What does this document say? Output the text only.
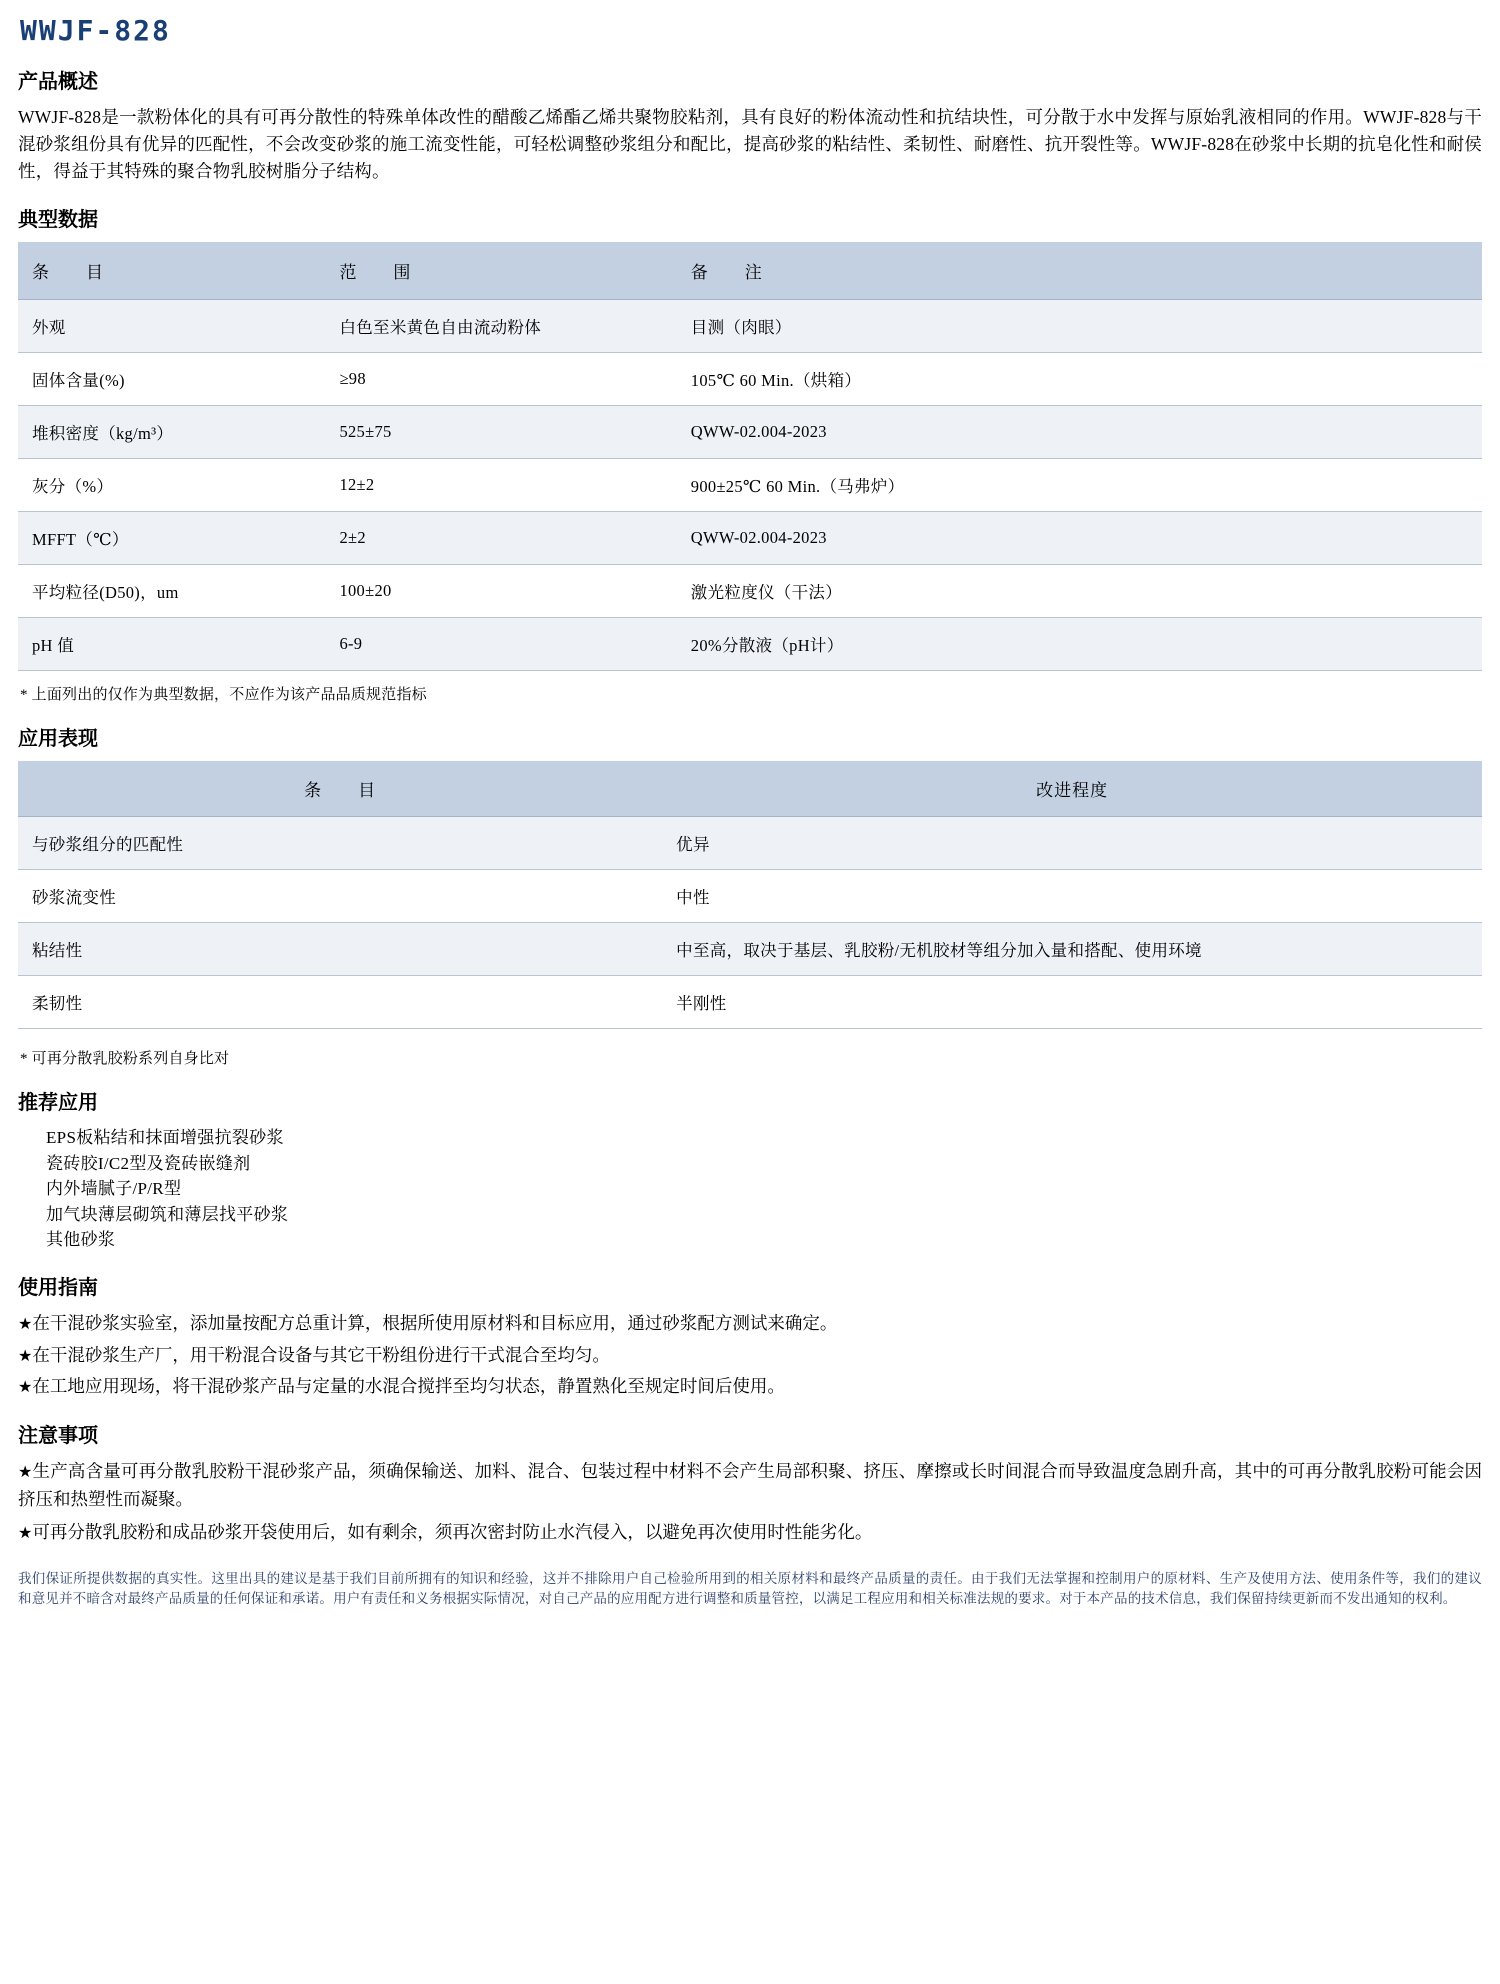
WWJF-828
产品概述
WWJF-828是一款粉体化的具有可再分散性的特殊单体改性的醋酸乙烯酯乙烯共聚物胶粘剂，具有良好的粉体流动性和抗结块性，可分散于水中发挥与原始乳液相同的作用。WWJF-828与干混砂浆组份具有优异的匹配性，不会改变砂浆的施工流变性能，可轻松调整砂浆组分和配比，提高砂浆的粘结性、柔韧性、耐磨性、抗开裂性等。WWJF-828在砂浆中长期的抗皂化性和耐侯性，得益于其特殊的聚合物乳胶树脂分子结构。
典型数据
条　　目	范　　围	备　　注
外观	白色至米黄色自由流动粉体	目测（肉眼）
固体含量(%)	≥98	105℃ 60 Min.（烘箱）
堆积密度（kg/m³）	525±75	QWW-02.004-2023
灰分（%）	12±2	900±25℃ 60 Min.（马弗炉）
MFFT（℃）	2±2	QWW-02.004-2023
平均粒径(D50)，um	100±20	激光粒度仪（干法）
pH 值	6-9	20%分散液（pH计）
* 上面列出的仅作为典型数据，不应作为该产品品质规范指标
应用表现
条　　目	改进程度
与砂浆组分的匹配性	优异
砂浆流变性	中性
粘结性	中至高，取决于基层、乳胶粉/无机胶材等组分加入量和搭配、使用环境
柔韧性	半刚性
* 可再分散乳胶粉系列自身比对
推荐应用
EPS板粘结和抹面增强抗裂砂浆
瓷砖胶I/C2型及瓷砖嵌缝剂
内外墙腻子/P/R型
加气块薄层砌筑和薄层找平砂浆
其他砂浆
使用指南

★在干混砂浆实验室，添加量按配方总重计算，根据所使用原材料和目标应用，通过砂浆配方测试来确定。

★在干混砂浆生产厂，用干粉混合设备与其它干粉组份进行干式混合至均匀。

★在工地应用现场，将干混砂浆产品与定量的水混合搅拌至均匀状态，静置熟化至规定时间后使用。

注意事项

★生产高含量可再分散乳胶粉干混砂浆产品，须确保输送、加料、混合、包装过程中材料不会产生局部积聚、挤压、摩擦或长时间混合而导致温度急剧升高，其中的可再分散乳胶粉可能会因挤压和热塑性而凝聚。

★可再分散乳胶粉和成品砂浆开袋使用后，如有剩余，须再次密封防止水汽侵入，以避免再次使用时性能劣化。

我们保证所提供数据的真实性。这里出具的建议是基于我们目前所拥有的知识和经验，这并不排除用户自己检验所用到的相关原材料和最终产品质量的责任。由于我们无法掌握和控制用户的原材料、生产及使用方法、使用条件等，我们的建议和意见并不暗含对最终产品质量的任何保证和承诺。用户有责任和义务根据实际情况，对自己产品的应用配方进行调整和质量管控，以满足工程应用和相关标准法规的要求。对于本产品的技术信息，我们保留持续更新而不发出通知的权利。
